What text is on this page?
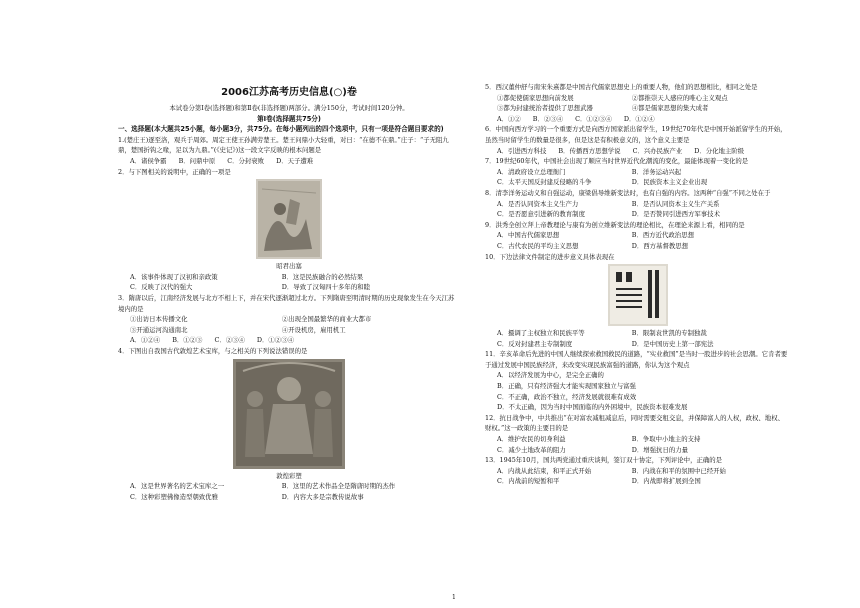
2006江苏高考历史信息(○)卷

本试卷分第Ⅰ卷(选择题)和第Ⅱ卷(非选择题)两部分。满分150分，考试时间120分钟。

第Ⅰ卷(选择题共75分)

一、选择题(本大题共25小题，每小题3分，共75分。在每小题列出的四个选项中，只有一项是符合题目要求的)

1.(楚庄王)逐至洛，观兵于周郊。周定王使王孙满劳楚王。楚王问鼎小大轻重，对曰：“在德不在鼎。”庄子：“子无阻九鼎，楚国折钩之喙，足以为九鼎。”(《史记》)这一段文字反映的根本问题是

A．诸侯争霸 B．问鼎中原 C．分封衰败 D．天子遭难

2．与下图相关的说明中，正确的一项是

昭君出塞

A．该事件体现了汉初和亲政策	B．这是民族融合的必然结果
C．反映了汉代的强大	D．导致了汉匈四十多年的和睦

3．隋唐以后，江南经济发展与北方不相上下，并在宋代逐渐超过北方。下列隋唐至明清时期的历史现象发生在今天江苏境内的是

①出访日本传播文化	②出现全国最繁华的商业大都市
③开通运河沟通南北	④开设机房，雇用机工
A．①②④ B．①②③ C．②③④ D．①②③④

4．下图出自我国古代敦煌艺术宝库，与之相关的下列说法错误的是

敦煌彩塑

A．这是世界著名的艺术宝库之一	B．这里的艺术作品全是隋唐时期的杰作
C．这种彩塑佛像造型朝致优雅	D．内容大多是宗教传说故事

5．西汉董仲舒与南宋朱熹都是中国古代儒家思想史上的重要人物，他们的思想相比，相同之处是

①都促使儒家思想向前发展	②都推崇天人感应的唯心主义观点
③都为封建统治者提供了思想武器	④都是儒家思想的集大成者
A．①② B．②③④ C．①②③④ D．①②④

6．中国向西方学习的一个重要方式是向西方国家派出留学生，19世纪70年代是中国开始派留学生的开始，虽然当时留学生的数量是很多，但是这是有积极意义的，这个意义主要是

A．引进西方科技 B．传播西方思想学说 C．兴办民族产业 D．分化地主阶级

7．19世纪60年代，中国社会出现了顺应当时世界近代化潮流的变化，最能体现着一变化的是

A．清政府设立总理衙门	B．洋务运动兴起
C．太平天国反封建反侵略的斗争	D．民族资本主义企业出现

8．清李洋务运动义和自强运动，康梁倡导维新变法时，也有自强的内容。这两种“自强”不同之处在于

A．是否认同资本主义生产力	B．是否认同资本主义生产关系
C．是否愿意引进新的教育制度	D．是否赞同引进西方军事技术

9．洪秀全创立拜上帝教理论与康有为创立维新变法的理论相比，在理论来源上看，相同的是

A．中国古代儒家思想	B．西方近代政治思想
C．古代农民的平均主义思想	D．西方基督教思想

10．下边法律文件制定的进步意义具体表现在

A．摄调了主权独立和民族平等	B．限制袁世凯的专制独裁
C．反对封建君主专制制度	D．是中国历史上第一部宪法

11．辛亥革命后先进的中国人继续探索救国救民的道路，“实业救国”是当时一股进步的社会思潮。它肯者要于通过发展中国民族经济，来改变实现民族富强的道路，你认为这个观点

A．以经济发展为中心，是完全正确的

B．正确，只有经济强大才能实现国家独立与富强

C．不正确，政治不独立，经济发展就很难有成效

D．不太正确，因为当时中国面临的内外困境中，民族资本很难发展

12．抗日战争中，中共推出“在对富农减租减息后，同时需要交租交息，并保障富人的人权，政权、地权、财权。”这一政策的主要目的是

A．维护农民的切身利益	B．争取中小地主的支持
C．减少土地改革的阻力	D．增强抗日的力量

13．1945年10月，国共两党通过重庆谈判，签订双十协定，下列评论中，正确的是

A．内战从此结束，和平正式开始	B．内战在和平的氛围中已经开始
C．内战前的短暂和平	D．内战即将扩展到全国
1
